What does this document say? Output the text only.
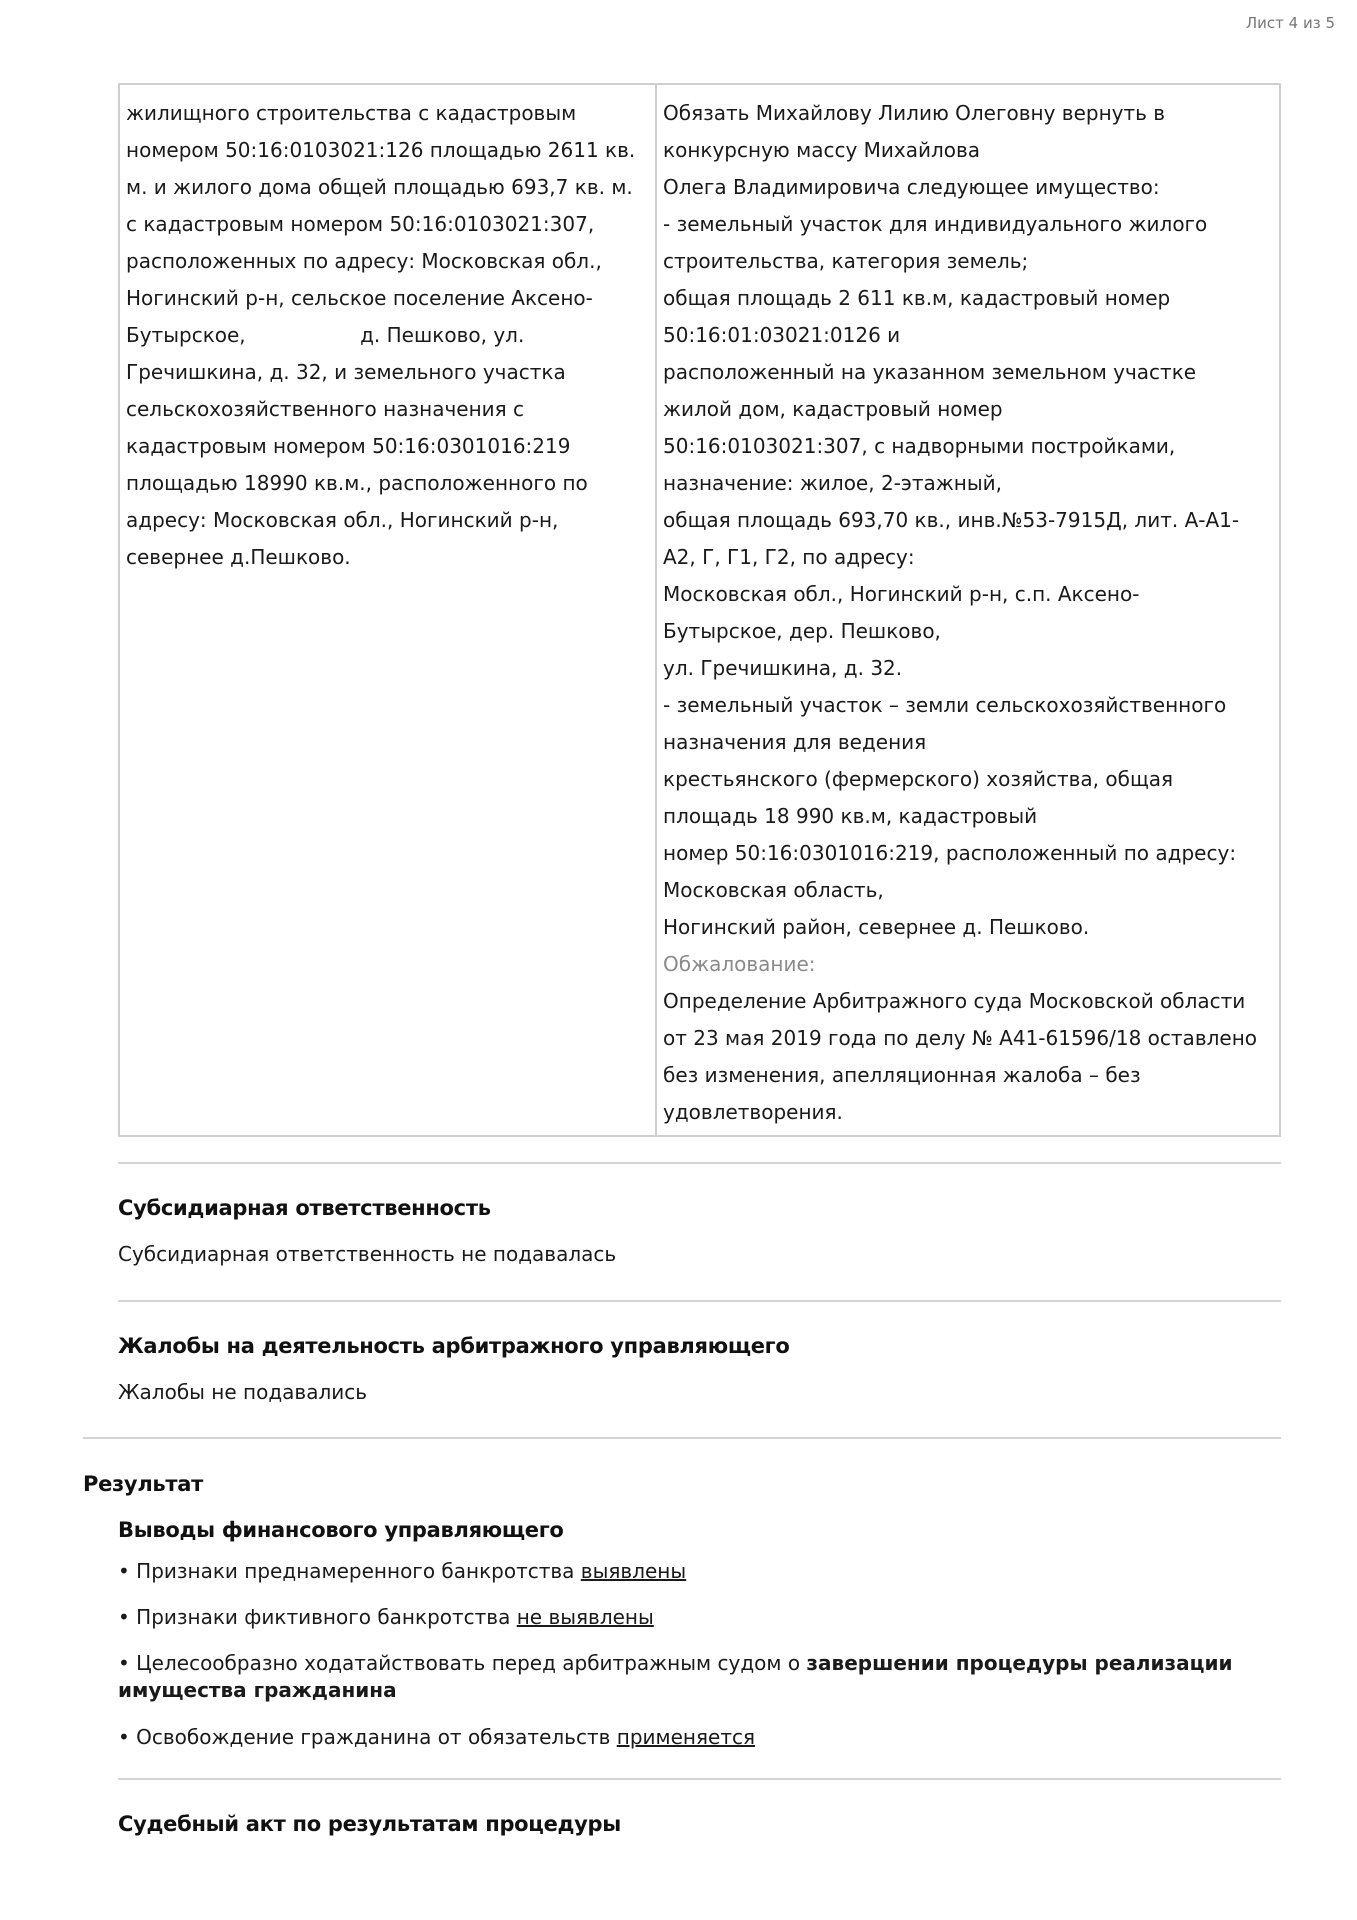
Лист 4 из 5

жилищного строительства с кадастровым

номером 50:16:0103021:126 площадью 2611 кв.

м. и жилого дома общей площадью 693,7 кв. м.

с кадастровым номером 50:16:0103021:307,

расположенных по адресу: Московская обл.,

Ногинский р-н, сельское поселение Аксено-

Бутырское,                  д. Пешково, ул.

Гречишкина, д. 32, и земельного участка

сельскохозяйственного назначения с

кадастровым номером 50:16:0301016:219

площадью 18990 кв.м., расположенного по

адресу: Московская обл., Ногинский р-н,

севернее д.Пешково.

Обязать Михайлову Лилию Олеговну вернуть в

конкурсную массу Михайлова

Олега Владимировича следующее имущество:

- земельный участок для индивидуального жилого

строительства, категория земель;

общая площадь 2 611 кв.м, кадастровый номер

50:16:01:03021:0126 и

расположенный на указанном земельном участке

жилой дом, кадастровый номер

50:16:0103021:307, с надворными постройками,

назначение: жилое, 2-этажный,

общая площадь 693,70 кв., инв.№53-7915Д, лит. А-А1-

А2, Г, Г1, Г2, по адресу:

Московская обл., Ногинский р-н, с.п. Аксено-

Бутырское, дер. Пешково,

ул. Гречишкина, д. 32.

- земельный участок – земли сельскохозяйственного

назначения для ведения

крестьянского (фермерского) хозяйства, общая

площадь 18 990 кв.м, кадастровый

номер 50:16:0301016:219, расположенный по адресу:

Московская область,

Ногинский район, севернее д. Пешково.

Обжалование:

Определение Арбитражного суда Московской области

от 23 мая 2019 года по делу № А41-61596/18 оставлено

без изменения, апелляционная жалоба – без

удовлетворения.

Субсидиарная ответственность
Субсидиарная ответственность не подавалась
Жалобы на деятельность арбитражного управляющего
Жалобы не подавались
Результат
Выводы финансового управляющего
• Признаки преднамеренного банкротства выявлены
• Признаки фиктивного банкротства не выявлены
• Целесообразно ходатайствовать перед арбитражным судом о завершении процедуры реализации имущества гражданина
• Освобождение гражданина от обязательств применяется
Судебный акт по результатам процедуры
